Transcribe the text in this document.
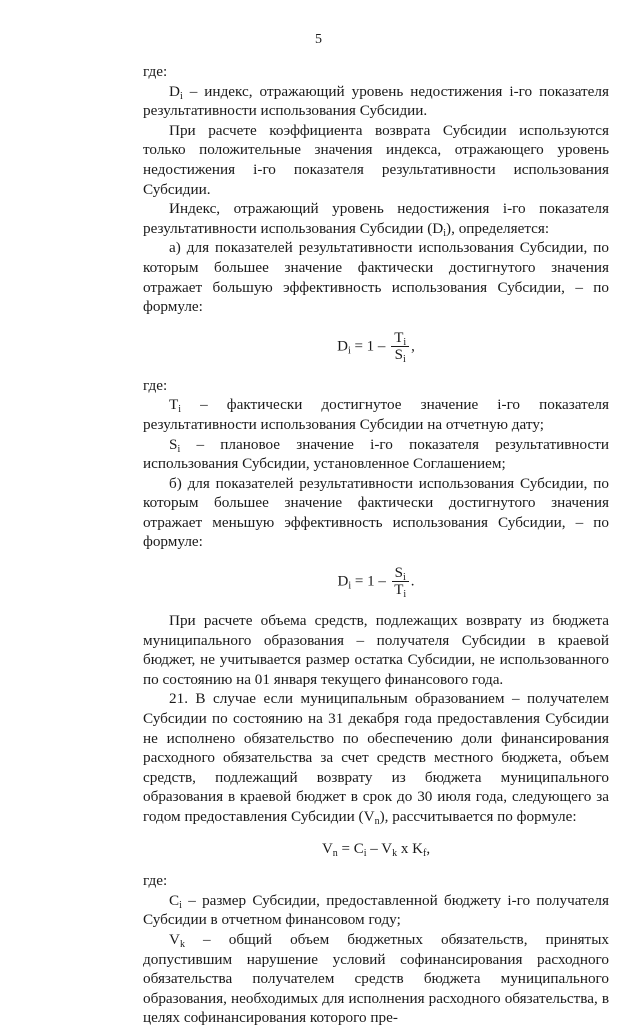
5

где:

$D_i$ – индекс, отражающий уровень недостижения i-го показателя результативности использования Субсидии.

При расчете коэффициента возврата Субсидии используются только положительные значения индекса, отражающего уровень недостижения i-го показателя результативности использования Субсидии.

Индекс, отражающий уровень недостижения i-го показателя результативности использования Субсидии $(D_i)$, определяется:

а) для показателей результативности использования Субсидии, по которым большее значение фактически достигнутого значения отражает большую эффективность использования Субсидии, – по формуле:

$D_i = 1 - \frac{T_i}{S_i}$ ,

где:

$T_i$ – фактически достигнутое значение i-го показателя результативности использования Субсидии на отчетную дату;

$S_i$ – плановое значение i-го показателя результативности использования Субсидии, установленное Соглашением;

б) для показателей результативности использования Субсидии, по которым большее значение фактически достигнутого значения отражает меньшую эффективность использования Субсидии, – по формуле:

$D_i = 1 - \frac{S_i}{T_i}$ .

При расчете объема средств, подлежащих возврату из бюджета муниципального образования – получателя Субсидии в краевой бюджет, не учитывается размер остатка Субсидии, не использованного по состоянию на 01 января текущего финансового года.

21. В случае если муниципальным образованием – получателем Субсидии по состоянию на 31 декабря года предоставления Субсидии не исполнено обязательство по обеспечению доли финансирования расходного обязательства за счет средств местного бюджета, объем средств, подлежащий возврату из бюджета муниципального образования в краевой бюджет в срок до 30 июля года, следующего за годом предоставления Субсидии $(V_n)$, рассчитывается по формуле:

$V_n = C_i - V_k$ x $K_f$,

где:

$C_i$ – размер Субсидии, предоставленной бюджету i-го получателя Субсидии в отчетном финансовом году;

$V_k$ – общий объем бюджетных обязательств, принятых допустившим нарушение условий софинансирования расходного обязательства получателем средств бюджета муниципального образования, необходимых для исполнения расходного обязательства, в целях софинансирования которого пре-
